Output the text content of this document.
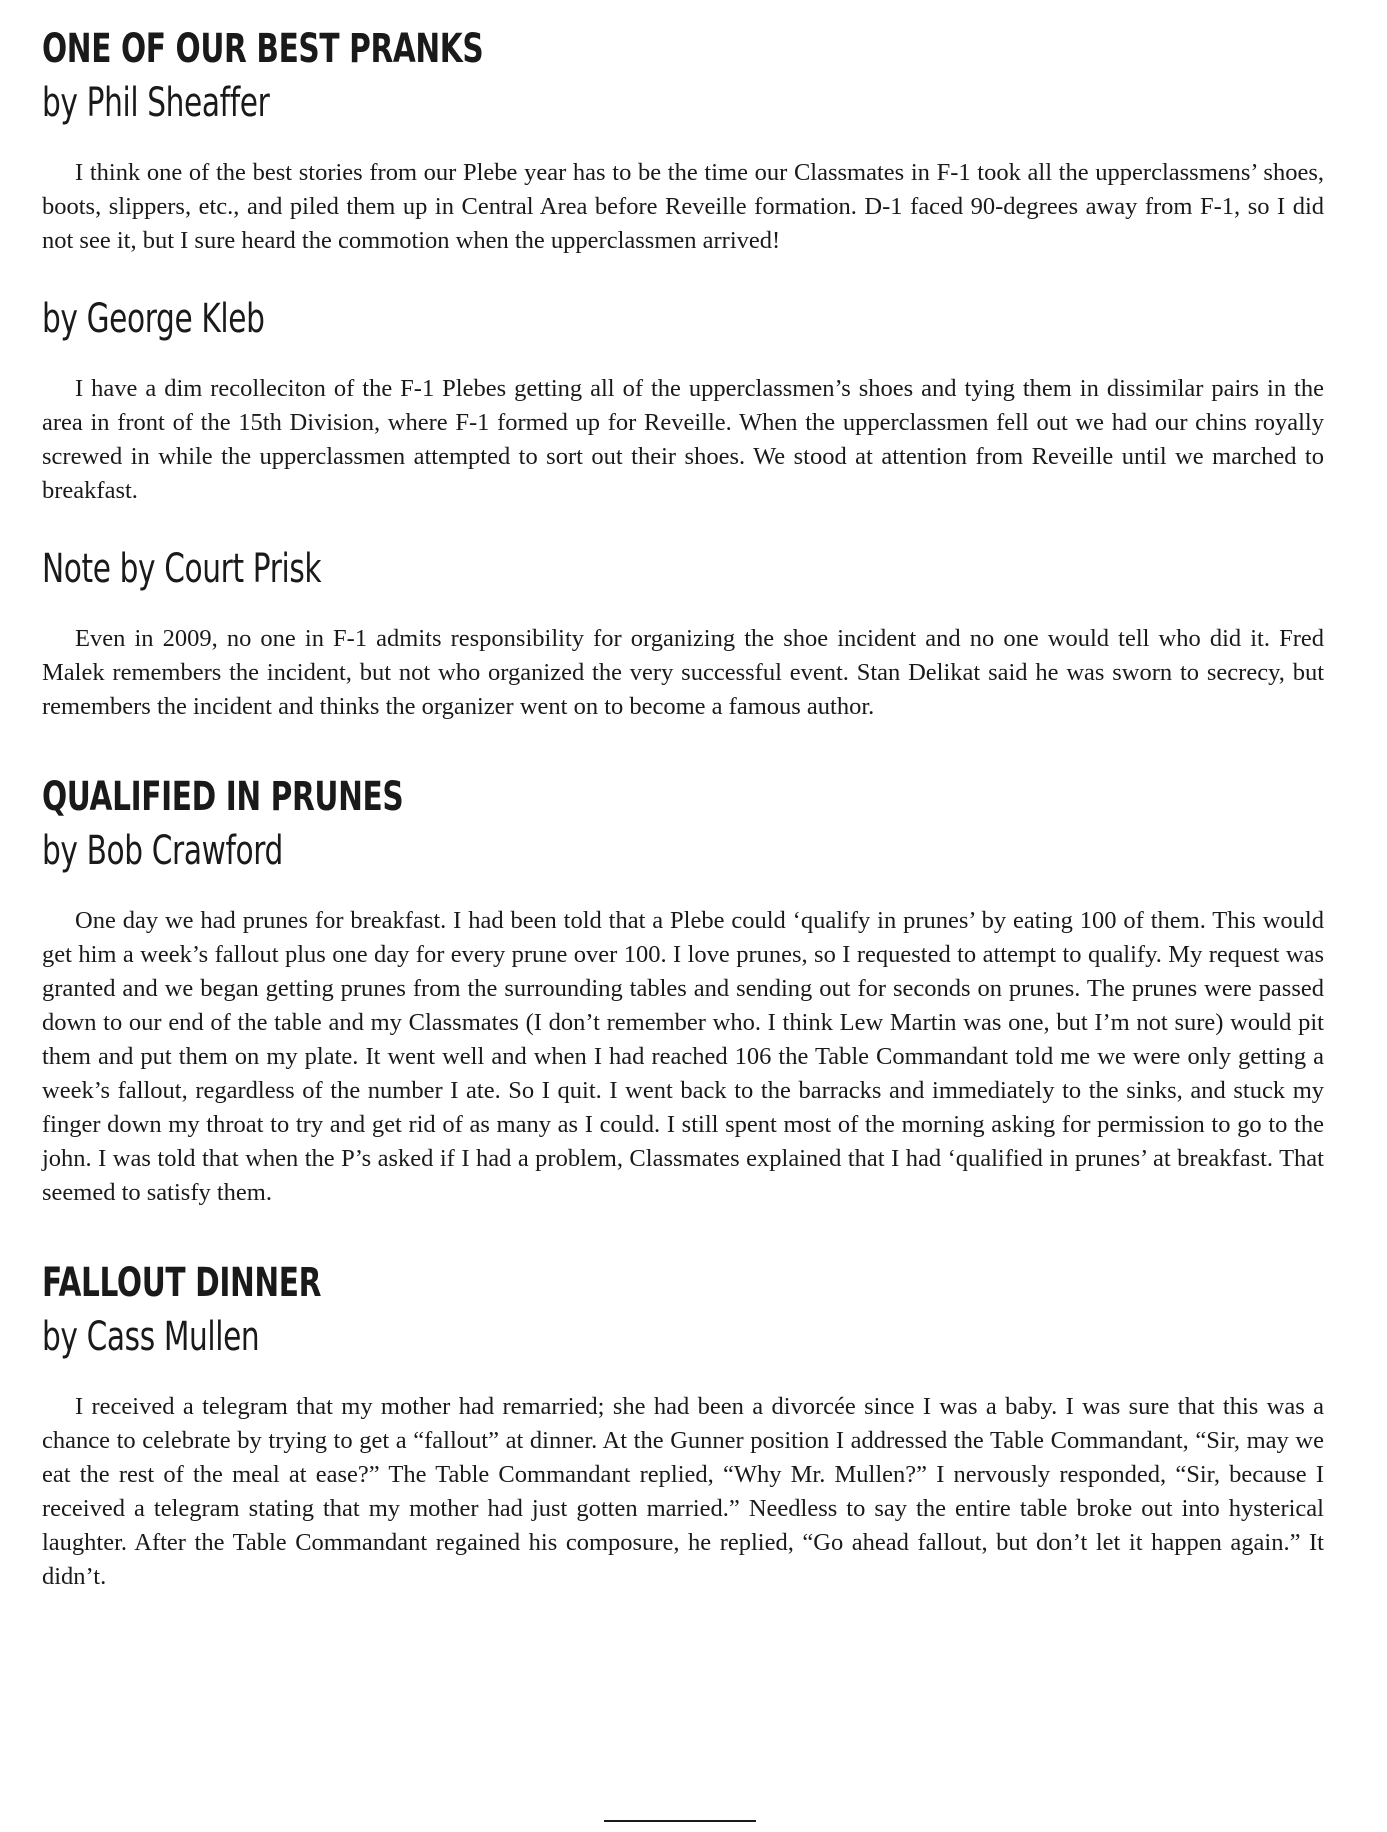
ONE OF OUR BEST PRANKS
by Phil Sheaffer

I think one of the best stories from our Plebe year has to be the time our Classmates in F-1 took all the upperclassmens’ shoes, boots, slippers, etc., and piled them up in Central Area before Reveille formation. D-1 faced 90-degrees away from F-1, so I did not see it, but I sure heard the commotion when the upperclassmen arrived!

by George Kleb

I have a dim recolleciton of the F-1 Plebes getting all of the upperclassmen’s shoes and tying them in dissimilar pairs in the area in front of the 15th Division, where F-1 formed up for Reveille. When the upperclassmen fell out we had our chins royally screwed in while the upperclassmen attempted to sort out their shoes. We stood at attention from Reveille until we marched to breakfast.

Note by Court Prisk

Even in 2009, no one in F-1 admits responsibility for organizing the shoe incident and no one would tell who did it. Fred Malek remembers the incident, but not who organized the very successful event. Stan Delikat said he was sworn to secrecy, but remembers the incident and thinks the organizer went on to become a famous author.

QUALIFIED IN PRUNES
by Bob Crawford

One day we had prunes for breakfast. I had been told that a Plebe could ‘qualify in prunes’ by eating 100 of them. This would get him a week’s fallout plus one day for every prune over 100. I love prunes, so I requested to attempt to qualify. My request was granted and we began getting prunes from the surrounding tables and sending out for seconds on prunes. The prunes were passed down to our end of the table and my Classmates (I don’t remember who. I think Lew Martin was one, but I’m not sure) would pit them and put them on my plate. It went well and when I had reached 106 the Table Commandant told me we were only getting a week’s fallout, regardless of the number I ate. So I quit. I went back to the barracks and immediately to the sinks, and stuck my finger down my throat to try and get rid of as many as I could. I still spent most of the morning asking for permission to go to the john. I was told that when the P’s asked if I had a problem, Classmates explained that I had ‘qualified in prunes’ at breakfast. That seemed to satisfy them.

FALLOUT DINNER
by Cass Mullen

I received a telegram that my mother had remarried; she had been a divorcée since I was a baby. I was sure that this was a chance to celebrate by trying to get a “fallout” at dinner. At the Gunner position I addressed the Table Commandant, “Sir, may we eat the rest of the meal at ease?” The Table Commandant replied, “Why Mr. Mullen?” I nervously responded, “Sir, because I received a telegram stating that my mother had just gotten married.” Needless to say the entire table broke out into hysterical laughter. After the Table Commandant regained his composure, he replied, “Go ahead fallout, but don’t let it happen again.” It didn’t.
